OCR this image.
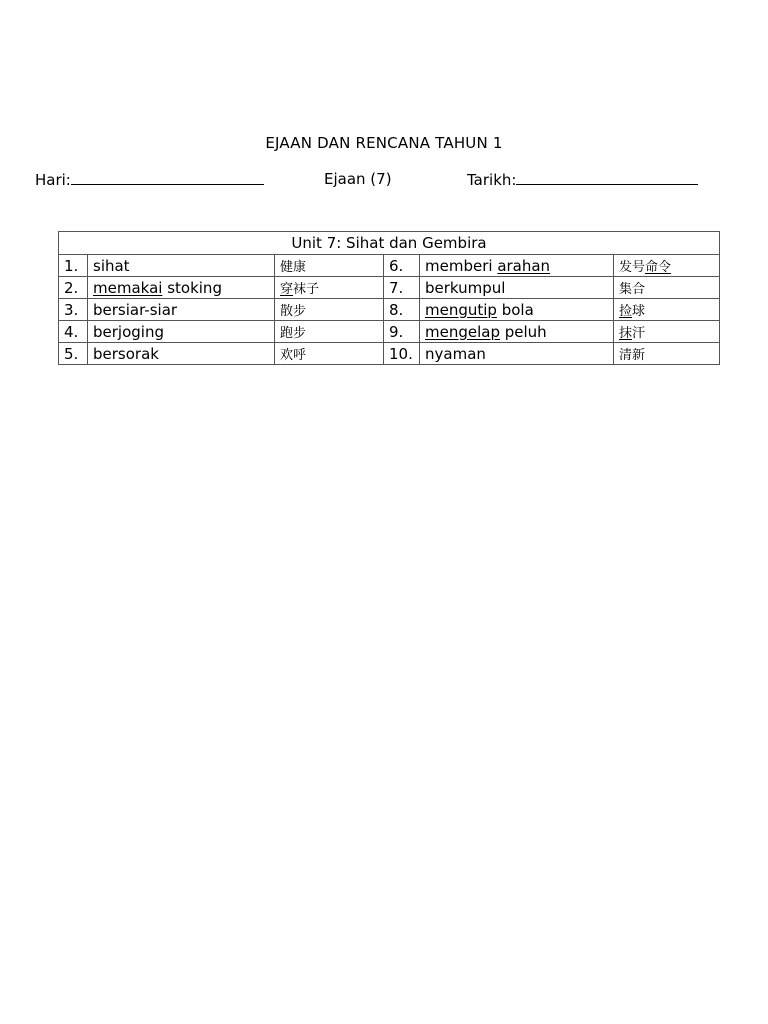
EJAAN DAN RENCANA TAHUN 1
Hari:	Ejaan (7)	Tarikh:
Unit 7: Sihat dan Gembira					
1.	sihat	健康	6.	memberi arahan	发号命令
2.	memakai stoking	穿袜子	7.	berkumpul	集合
3.	bersiar-siar	散步	8.	mengutip bola	捡球
4.	berjoging	跑步	9.	mengelap peluh	抹汗
5.	bersorak	欢呼	10.	nyaman	清新
